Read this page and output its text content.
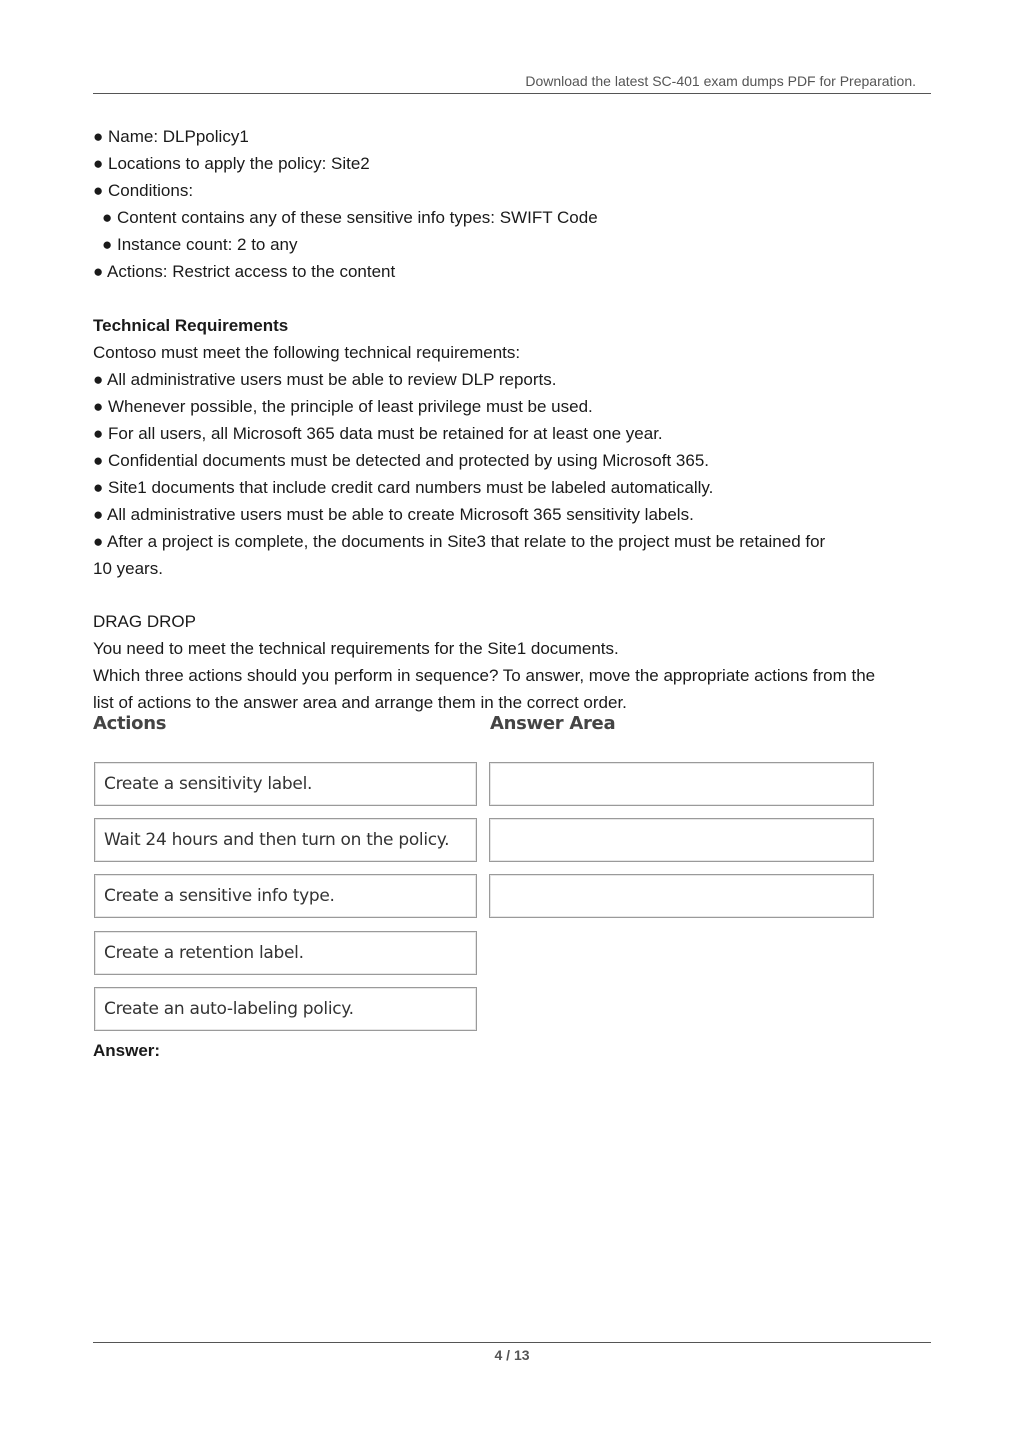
Download the latest SC-401 exam dumps PDF for Preparation.
● Name: DLPpolicy1
● Locations to apply the policy: Site2
● Conditions:
● Content contains any of these sensitive info types: SWIFT Code
● Instance count: 2 to any
● Actions: Restrict access to the content
Technical Requirements
Contoso must meet the following technical requirements:
● All administrative users must be able to review DLP reports.
● Whenever possible, the principle of least privilege must be used.
● For all users, all Microsoft 365 data must be retained for at least one year.
● Confidential documents must be detected and protected by using Microsoft 365.
● Site1 documents that include credit card numbers must be labeled automatically.
● All administrative users must be able to create Microsoft 365 sensitivity labels.
● After a project is complete, the documents in Site3 that relate to the project must be retained for
10 years.
DRAG DROP
You need to meet the technical requirements for the Site1 documents.
Which three actions should you perform in sequence? To answer, move the appropriate actions from the
list of actions to the answer area and arrange them in the correct order.
Actions	Answer Area
Create a sensitivity label.
Wait 24 hours and then turn on the policy.
Create a sensitive info type.
Create a retention label.
Create an auto-labeling policy.
Answer:
4 / 13
